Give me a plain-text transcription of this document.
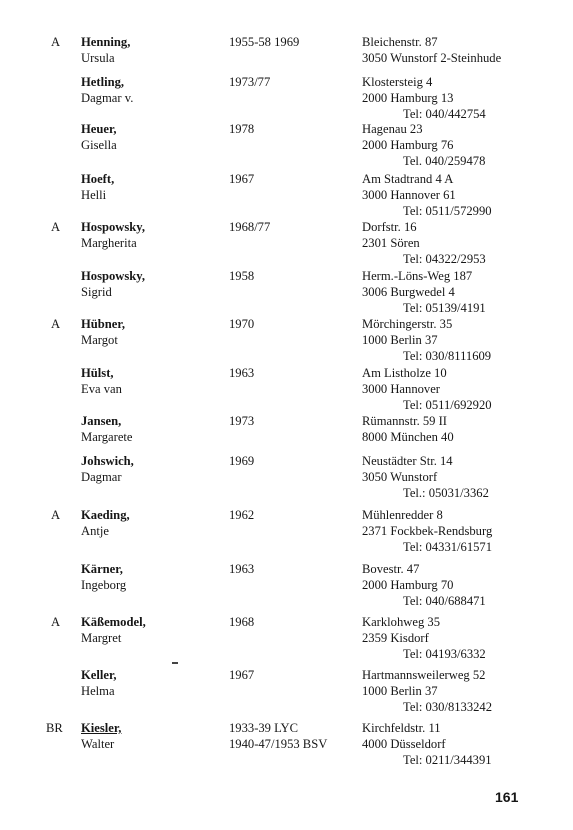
A	Henning,
Ursula
1955-58 1969	Bleichenstr. 87
3050 Wunstorf 2-Steinhude
Hetling,
Dagmar v.
1973/77	Klostersteig 4
2000 Hamburg 13
Tel: 040/442754
Heuer,
Gisella
1978	Hagenau 23
2000 Hamburg 76
Tel. 040/259478
Hoeft,
Helli
1967	Am Stadtrand 4 A
3000 Hannover 61
Tel: 0511/572990
A	Hospowsky,
Margherita
1968/77	Dorfstr. 16
2301 Sören
Tel: 04322/2953
Hospowsky,
Sigrid
1958	Herm.-Löns-Weg 187
3006 Burgwedel 4
Tel: 05139/4191
A	Hübner,
Margot
1970	Mörchingerstr. 35
1000 Berlin 37
Tel: 030/8111609
Hülst,
Eva van
1963	Am Listholze 10
3000 Hannover
Tel: 0511/692920
Jansen,
Margarete
1973	Rümannstr. 59 II
8000 München 40
Johswich,
Dagmar
1969	Neustädter Str. 14
3050 Wunstorf
Tel.: 05031/3362
A	Kaeding,
Antje
1962	Mühlenredder 8
2371 Fockbek-Rendsburg
Tel: 04331/61571
Kärner,
Ingeborg
1963	Bovestr. 47
2000 Hamburg 70
Tel: 040/688471
A	Käßemodel,
Margret
1968	Karklohweg 35
2359 Kisdorf
Tel: 04193/6332
Keller,
Helma
1967	Hartmannsweilerweg 52
1000 Berlin 37
Tel: 030/8133242
BR Kiesler,
Walter
1933-39 LYC
1940-47/1953 BSV
Kirchfeldstr. 11
4000 Düsseldorf
Tel: 0211/344391
161
